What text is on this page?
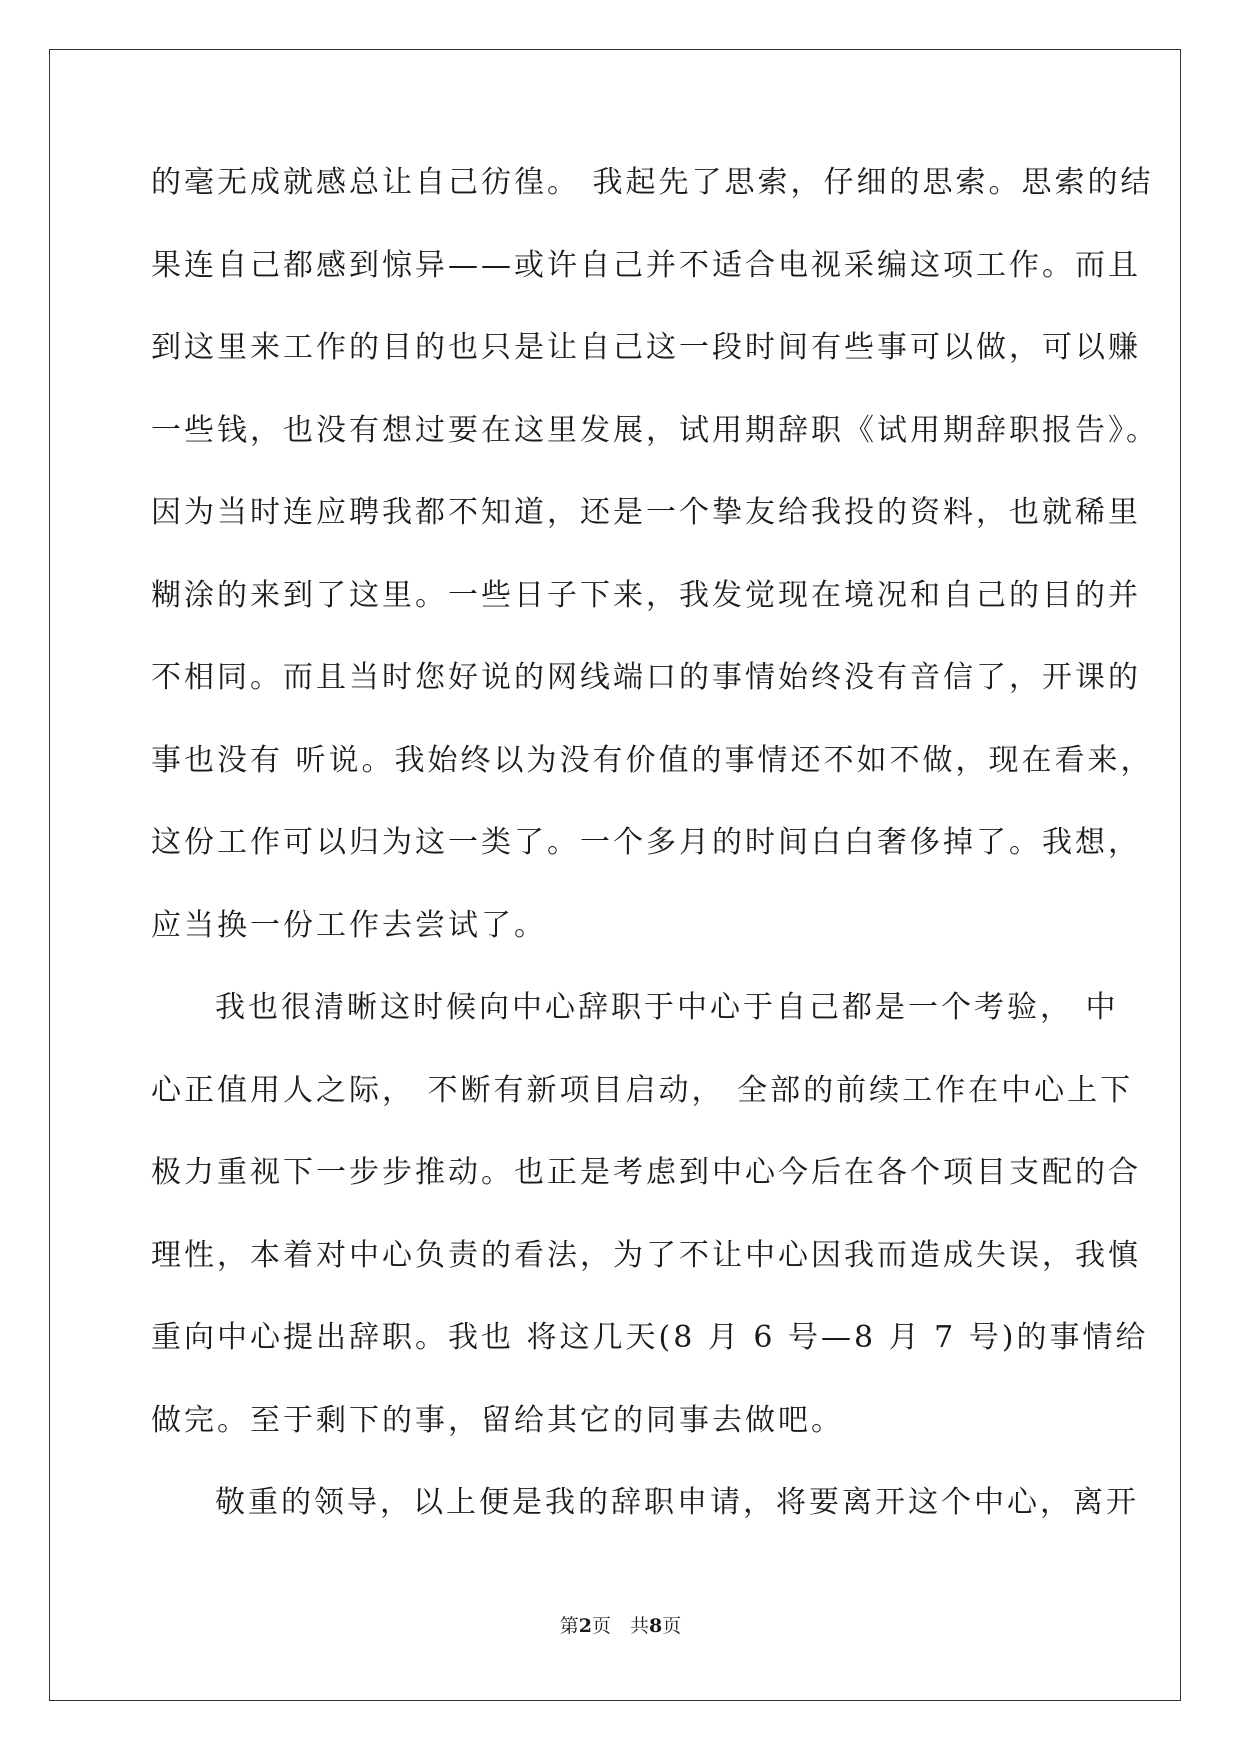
的毫无成就感总让自己彷徨。 我起先了思索，仔细的思索。思索的结
果连自己都感到惊异——或许自己并不适合电视采编这项工作。而且
到这里来工作的目的也只是让自己这一段时间有些事可以做，可以赚
一些钱，也没有想过要在这里发展，试用期辞职《试用期辞职报告》。
因为当时连应聘我都不知道，还是一个挚友给我投的资料，也就稀里
糊涂的来到了这里。一些日子下来，我发觉现在境况和自己的目的并
不相同。而且当时您好说的网线端口的事情始终没有音信了，开课的
事也没有 听说。我始终以为没有价值的事情还不如不做，现在看来，
这份工作可以归为这一类了。一个多月的时间白白奢侈掉了。我想，
应当换一份工作去尝试了。
我也很清晰这时候向中心辞职于中心于自己都是一个考验， 中
心正值用人之际， 不断有新项目启动， 全部的前续工作在中心上下
极力重视下一步步推动。也正是考虑到中心今后在各个项目支配的合
理性，本着对中心负责的看法，为了不让中心因我而造成失误，我慎
重向中心提出辞职。我也 将这几天(8 月 6 号—8 月 7 号)的事情给
做完。至于剩下的事，留给其它的同事去做吧。
敬重的领导，以上便是我的辞职申请，将要离开这个中心，离开
第2页　共8页
